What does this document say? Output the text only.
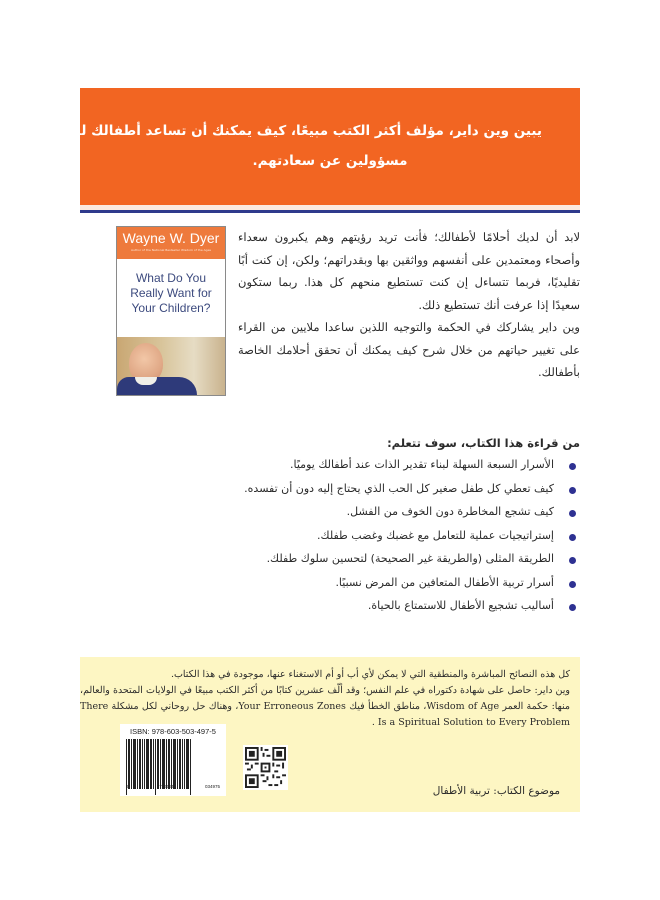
يبين وين داير، مؤلف أكثر الكتب مبيعًا، كيف يمكنك أن تساعد أطفالك ليكونوا
مسؤولين عن سعادتهم.
Wayne W. Dyer
Author of the National Bestseller Wisdom of the Ages
What Do You
Really Want for
Your Children?

لابد أن لديك أحلامًا لأطفالك؛ فأنت تريد رؤيتهم وهم يكبرون سعداء وأصحاء ومعتمدين على أنفسهم وواثقين بها وبقدراتهم؛ ولكن، إن كنت أبًا تقليديًا، فربما تتساءل إن كنت تستطيع منحهم كل هذا. ربما ستكون سعيدًا إذا عرفت أنك تستطيع ذلك.

وين داير يشاركك في الحكمة والتوجيه اللذين ساعدا ملايين من القراء على تغيير حياتهم من خلال شرح كيف يمكنك أن تحقق أحلامك الخاصة بأطفالك.

من قراءة هذا الكتاب، سوف تتعلم:
الأسرار السبعة السهلة لبناء تقدير الذات عند أطفالك يوميًا.
كيف تعطي كل طفل صغير كل الحب الذي يحتاج إليه دون أن تفسده.
كيف تشجع المخاطرة دون الخوف من الفشل.
إستراتيجيات عملية للتعامل مع غضبك وغضب طفلك.
الطريقة المثلى (والطريقة غير الصحيحة) لتحسين سلوك طفلك.
أسرار تربية الأطفال المتعافين من المرض نسبيًا.
أساليب تشجيع الأطفال للاستمتاع بالحياة.

كل هذه النصائح المباشرة والمنطقية التي لا يمكن لأي أب أو أم الاستغناء عنها، موجودة في هذا الكتاب.

وين داير: حاصل على شهادة دكتوراه في علم النفس؛ وقد ألّف عشرين كتابًا من أكثر الكتب مبيعًا في الولايات المتحدة والعالم، منها: حكمة العمر Wisdom of Age، مناطق الخطأ فيك Your Erroneous Zones، وهناك حل روحاني لكل مشكلة There Is a Spiritual Solution to Every Problem .

ISBN: 978-603-503-497-5
9	786035	034975	موضوع الكتاب: تربية الأطفال
